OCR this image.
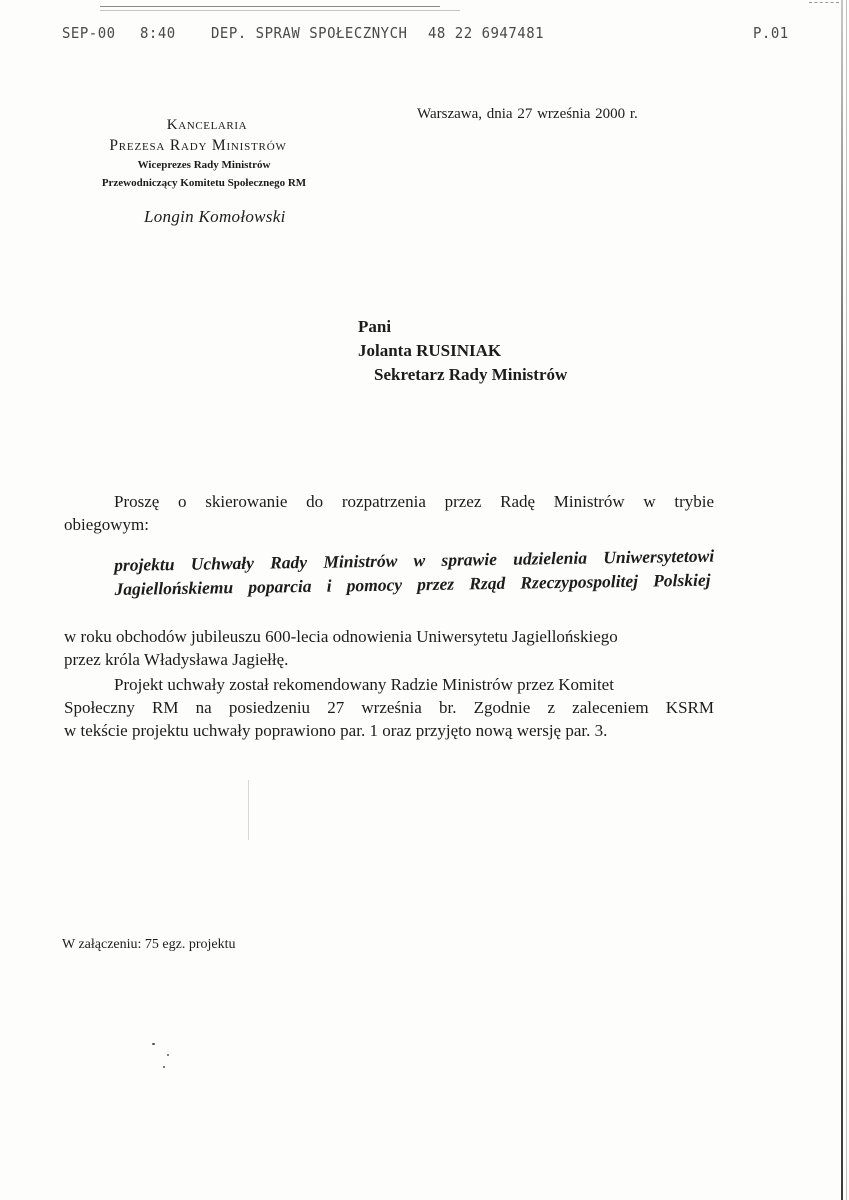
SEP-00 8:40	DEP. SPRAW SPOŁECZNYCH 48 22 6947481	P.01
Kancelaria
Prezesa Rady Ministrów
Wiceprezes Rady Ministrów
Przewodniczący Komitetu Społecznego RM
Longin Komołowski
Warszawa, dnia 27 września 2000 r.
Pani
Jolanta RUSINIAK
Sekretarz Rady Ministrów
Proszę o skierowanie do rozpatrzenia przez Radę Ministrów w trybie
obiegowym:
projektu Uchwały Rady Ministrów w sprawie udzielenia Uniwersytetowi
Jagiellońskiemu poparcia i pomocy przez Rząd Rzeczypospolitej Polskiej
w roku obchodów jubileuszu 600-lecia odnowienia Uniwersytetu Jagiellońskiego
przez króla Władysława Jagiełłę.
Projekt uchwały został rekomendowany Radzie Ministrów przez Komitet
Społeczny RM na posiedzeniu 27 września br. Zgodnie z zaleceniem KSRM
w tekście projektu uchwały poprawiono par. 1 oraz przyjęto nową wersję par. 3.
W załączeniu: 75 egz. projektu
